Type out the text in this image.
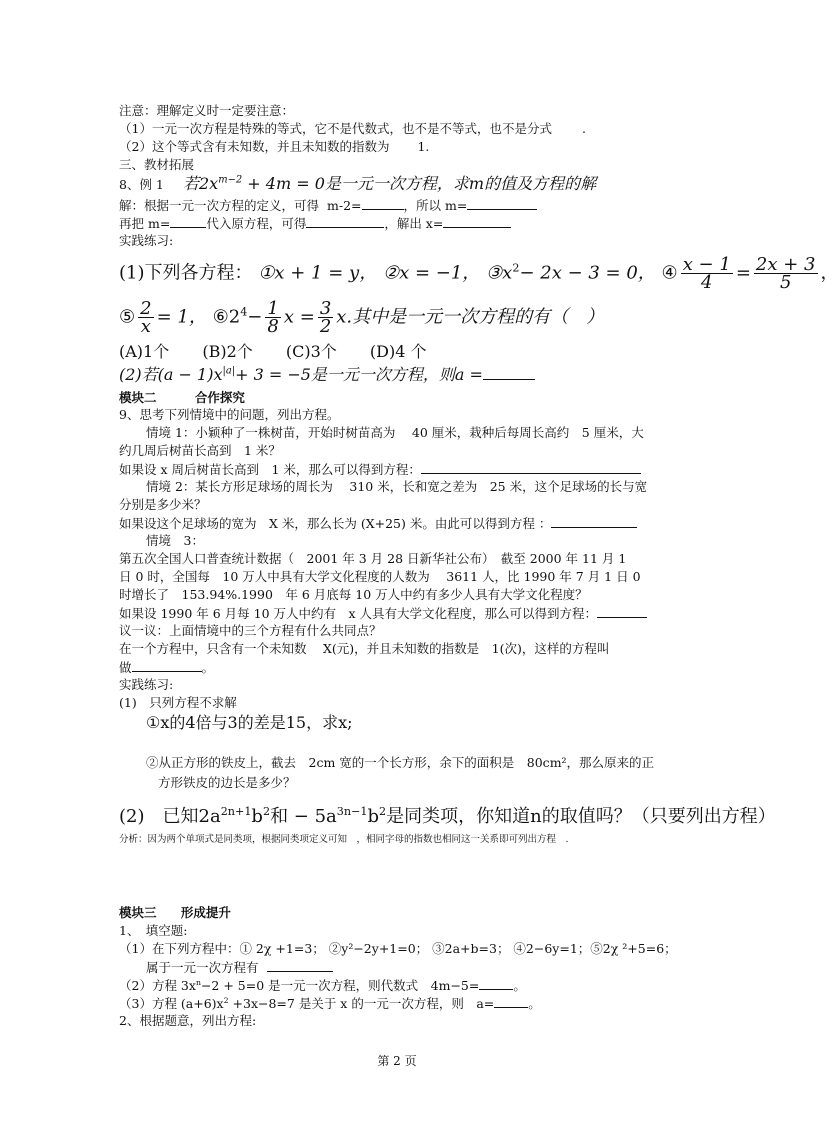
注意：理解定义时一定要注意：
（1）一元一次方程是特殊的等式，它不是代数式，也不是不等式，也不是分式 .
（2）这个等式含有未知数，并且未知数的指数为 1.
三、教材拓展
8、例 1 若$2x^{m-2} + 4m = 0$是一元一次方程，求m的值及方程的解
解：根据一元一次方程的定义，可得 m-2=	，所以 m=
再把 m=	代入原方程，可得	，解出 x=
实践练习:
(1)下列各方程： ①x + 1 = y， ②x = −1， $③x^2- 2x - 3 = 0$， ④ $\frac{x - 1}{4} = \frac{2x + 3}{5}$ ，
⑤ $\frac{2}{x} = 1$， $⑥2^4- \frac{1}{8}$ $x = \frac{3}{2} x$.其中是一元一次方程的有（　）
(A)1个 (B)2个 (C)3个 (D)4 个
(2)若$(a - 1)x^{|a|}+ 3 = -5$是一元一次方程，则a =
模块二	合作探究
9、思考下列情境中的问题，列出方程。
情境 1：小颖种了一株树苗，开始时树苗高为　 40 厘米，栽种后每周长高约　5 厘米，大
约几周后树苗长高到　1 米？
如果设 x 周后树苗长高到　1 米，那么可以得到方程：
情境 2：某长方形足球场的周长为　 310 米，长和宽之差为　25 米，这个足球场的长与宽
分别是多少米？
如果设这个足球场的宽为　X 米，那么长为 (X+25) 米。由此可以得到方程 ：
情境　3：
第五次全国人口普查统计数据（　2001 年 3 月 28 日新华社公布）　截至 2000 年 11 月 1
日 0 时，全国每　10 万人中具有大学文化程度的人数为　 3611 人，比 1990 年 7 月 1 日 0
时增长了　153.94%.1990　年 6 月底每 10 万人中约有多少人具有大学文化程度？
如果设 1990 年 6 月每 10 万人中约有　x 人具有大学文化程度，那么可以得到方程：
议一议：上面情境中的三个方程有什么共同点？
在一个方程中，只含有一个未知数　 X(元)，并且未知数的指数是　1(次)，这样的方程叫
做	。
实践练习:
(1)　只列方程不求解
①x的4倍与3的差是15，求x;
②从正方形的铁皮上，截去　2cm 宽的一个长方形，余下的面积是　80cm²，那么原来的正
方形铁皮的边长是多少？
(2)　已知$2a^{2n+1}b^2$和 − $5a^{3n-1}b^2$是同类项，你知道n的取值吗？（只要列出方程）
分析：因为两个单项式是同类项，根据同类项定义可知　，相同字母的指数也相同这一关系即可列出方程　.
模块三 形成提升
1、　填空题:
（1）在下列方程中：① 2χ +1=3； ②y²−2y+1=0； ③2a+b=3； ④2−6y=1；⑤2χ ²+5=6；
属于一元一次方程有
（2）方程 $3x^n-2 + 5=0$ 是一元一次方程，则代数式　4m−5=	。
（3）方程 $(a+6)x^2 +3x-8=7$ 是关于 x 的一元一次方程，则　a=	。
2、根据题意，列出方程:
第 2 页
